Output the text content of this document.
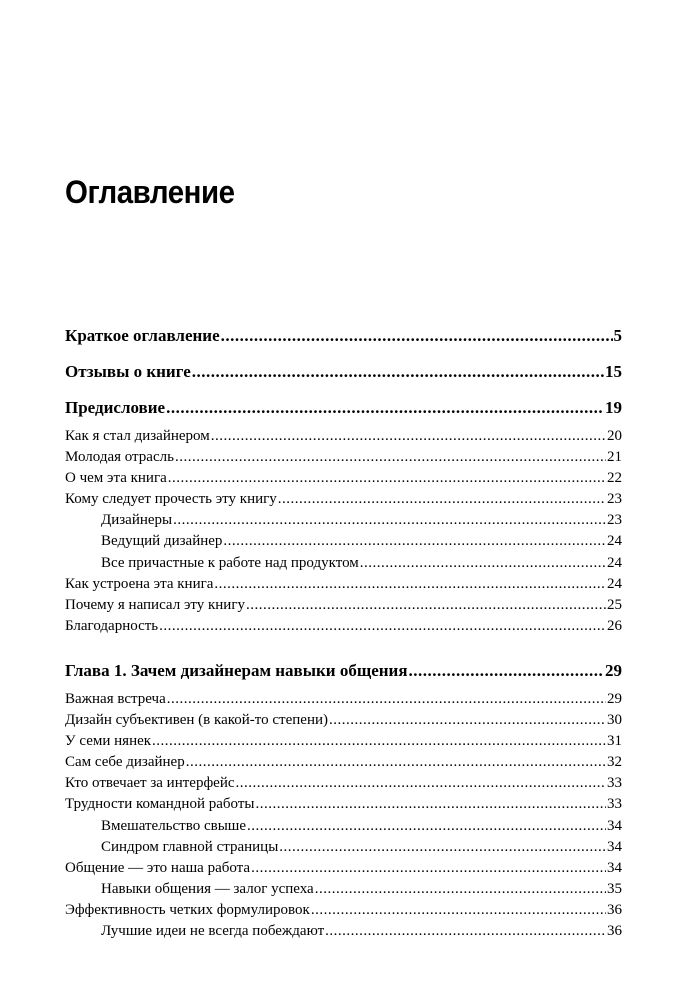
Оглавление
Краткое оглавление .....	5
Отзывы о книге .....	15
Предисловие .....	19
Как я стал дизайнером .....	20
Молодая отрасль .....	21
О чем эта книга .....	22
Кому следует прочесть эту книгу .....	23
Дизайнеры .....	23
Ведущий дизайнер .....	24
Все причастные к работе над продуктом .....	24
Как устроена эта книга .....	24
Почему я написал эту книгу .....	25
Благодарность .....	26
Глава 1. Зачем дизайнерам навыки общения .....	29
Важная встреча .....	29
Дизайн субъективен (в какой-то степени) .....	30
У семи нянек .....	31
Сам себе дизайнер .....	32
Кто отвечает за интерфейс .....	33
Трудности командной работы .....	33
Вмешательство свыше .....	34
Синдром главной страницы .....	34
Общение — это наша работа .....	34
Навыки общения — залог успеха .....	35
Эффективность четких формулировок .....	36
Лучшие идеи не всегда побеждают .....	36
